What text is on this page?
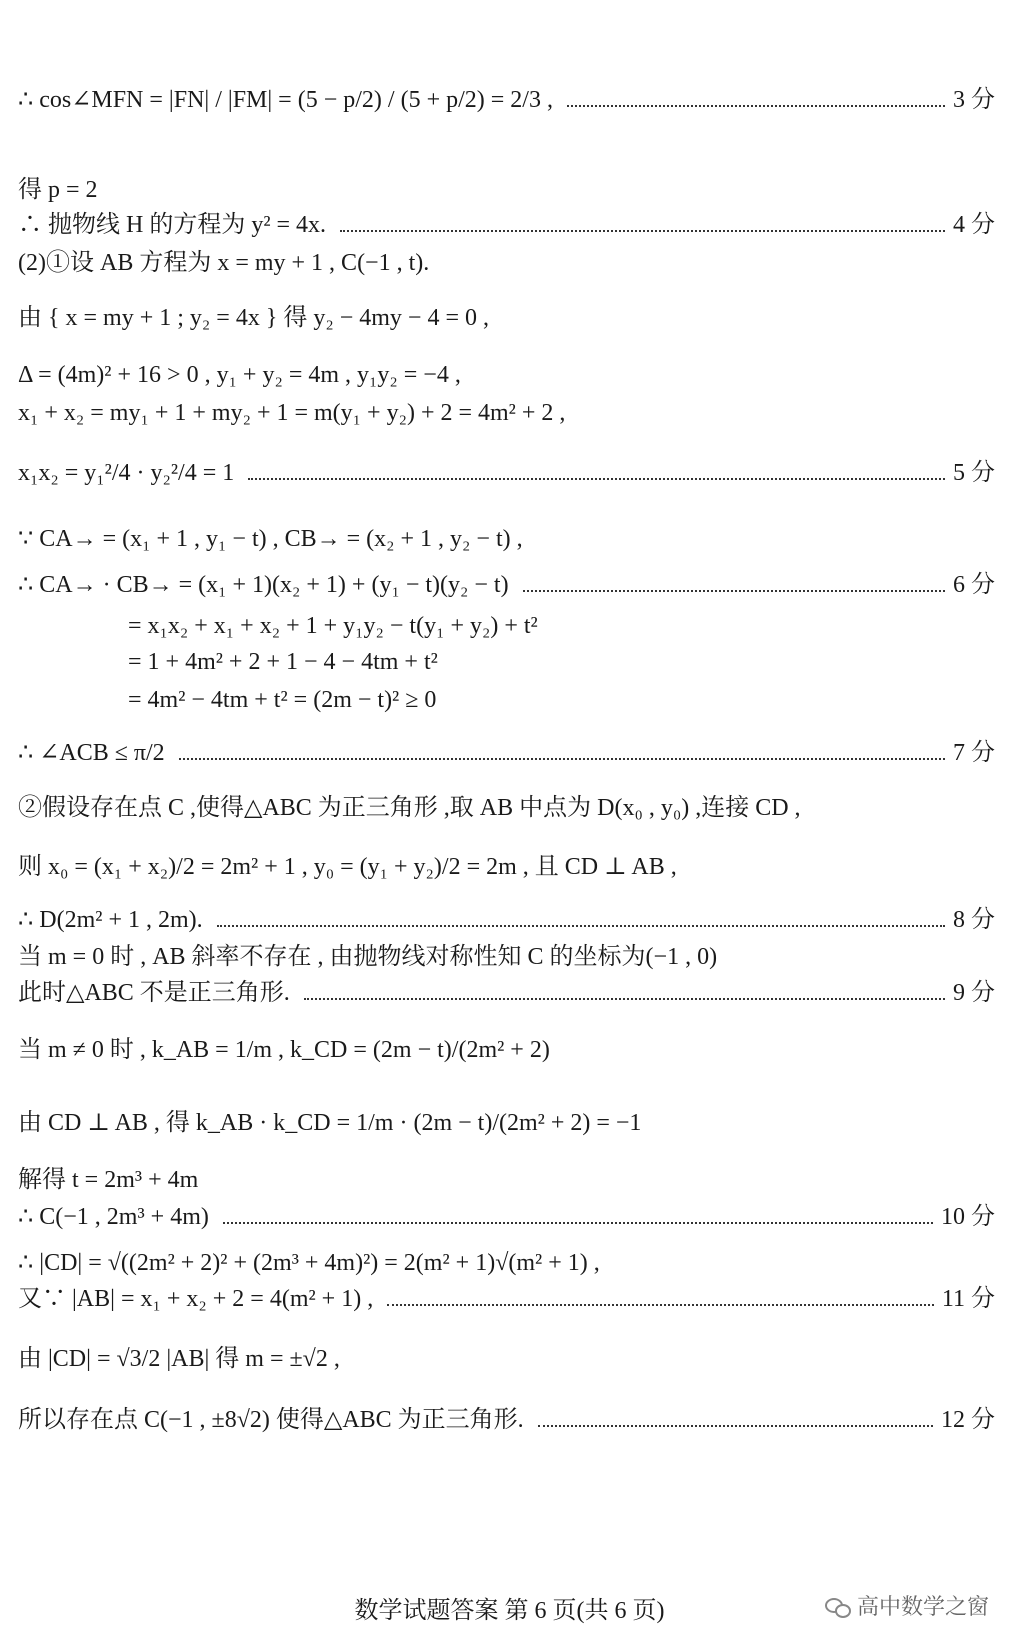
∴ cos∠MFN = |FN| / |FM| = (5 − p/2) / (5 + p/2) = 2/3 ,	3 分
得 p = 2
∴ 抛物线 H 的方程为 y² = 4x.	4 分
(2)①设 AB 方程为 x = my + 1 , C(−1 , t).
由 { x = my + 1 ; y₂ = 4x } 得 y₂ − 4my − 4 = 0 ,
Δ = (4m)² + 16 > 0 , y₁ + y₂ = 4m , y₁y₂ = −4 ,
x₁ + x₂ = my₁ + 1 + my₂ + 1 = m(y₁ + y₂) + 2 = 4m² + 2 ,
x₁x₂ = y₁²/4 · y₂²/4 = 1	5 分
∵ CA→ = (x₁ + 1 , y₁ − t) , CB→ = (x₂ + 1 , y₂ − t) ,
∴ CA→ · CB→ = (x₁ + 1)(x₂ + 1) + (y₁ − t)(y₂ − t)	6 分
= x₁x₂ + x₁ + x₂ + 1 + y₁y₂ − t(y₁ + y₂) + t²
= 1 + 4m² + 2 + 1 − 4 − 4tm + t²
= 4m² − 4tm + t² = (2m − t)² ≥ 0
∴ ∠ACB ≤ π/2	7 分
②假设存在点 C ,使得△ABC 为正三角形 ,取 AB 中点为 D(x₀ , y₀) ,连接 CD ,
则 x₀ = (x₁ + x₂)/2 = 2m² + 1 , y₀ = (y₁ + y₂)/2 = 2m , 且 CD ⊥ AB ,
∴ D(2m² + 1 , 2m).	8 分
当 m = 0 时 , AB 斜率不存在 , 由抛物线对称性知 C 的坐标为(−1 , 0)
此时△ABC 不是正三角形.	9 分
当 m ≠ 0 时 , k_AB = 1/m , k_CD = (2m − t)/(2m² + 2)
由 CD ⊥ AB , 得 k_AB · k_CD = 1/m · (2m − t)/(2m² + 2) = −1
解得 t = 2m³ + 4m
∴ C(−1 , 2m³ + 4m)	10 分
∴ |CD| = √((2m² + 2)² + (2m³ + 4m)²) = 2(m² + 1)√(m² + 1) ,
又∵ |AB| = x₁ + x₂ + 2 = 4(m² + 1) ,	11 分
由 |CD| = √3/2 |AB| 得 m = ±√2 ,
所以存在点 C(−1 , ±8√2) 使得△ABC 为正三角形.	12 分
数学试题答案 第 6 页(共 6 页)	高中数学之窗
